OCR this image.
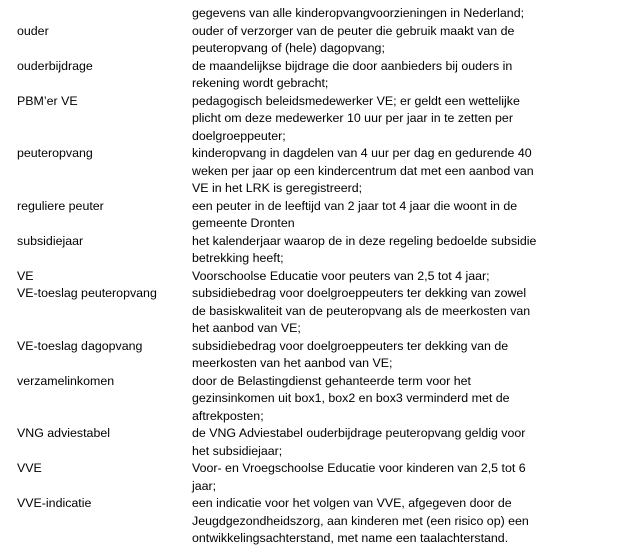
gegevens van alle kinderopvangvoorzieningen in Nederland;
ouder	ouder of verzorger van de peuter die gebruik maakt van de
peuteropvang of (hele) dagopvang;
ouderbijdrage	de maandelijkse bijdrage die door aanbieders bij ouders in
rekening wordt gebracht;
PBM’er VE	pedagogisch beleidsmedewerker VE; er geldt een wettelijke
plicht om deze medewerker 10 uur per jaar in te zetten per
doelgroeppeuter;
peuteropvang	kinderopvang in dagdelen van 4 uur per dag en gedurende 40
weken per jaar op een kindercentrum dat met een aanbod van
VE in het LRK is geregistreerd;
reguliere peuter	een peuter in de leeftijd van 2 jaar tot 4 jaar die woont in de
gemeente Dronten
subsidiejaar	het kalenderjaar waarop de in deze regeling bedoelde subsidie
betrekking heeft;
VE	Voorschoolse Educatie voor peuters van 2,5 tot 4 jaar;
VE-toeslag peuteropvang	subsidiebedrag voor doelgroeppeuters ter dekking van zowel
de basiskwaliteit van de peuteropvang als de meerkosten van
het aanbod van VE;
VE-toeslag dagopvang	subsidiebedrag voor doelgroeppeuters ter dekking van de
meerkosten van het aanbod van VE;
verzamelinkomen	door de Belastingdienst gehanteerde term voor het
gezinsinkomen uit box1, box2 en box3 verminderd met de
aftrekposten;
VNG adviestabel	de VNG Adviestabel ouderbijdrage peuteropvang geldig voor
het subsidiejaar;
VVE	Voor- en Vroegschoolse Educatie voor kinderen van 2,5 tot 6
jaar;
VVE-indicatie	een indicatie voor het volgen van VVE, afgegeven door de
Jeugdgezondheidszorg, aan kinderen met (een risico op) een
ontwikkelingsachterstand, met name een taalachterstand.
